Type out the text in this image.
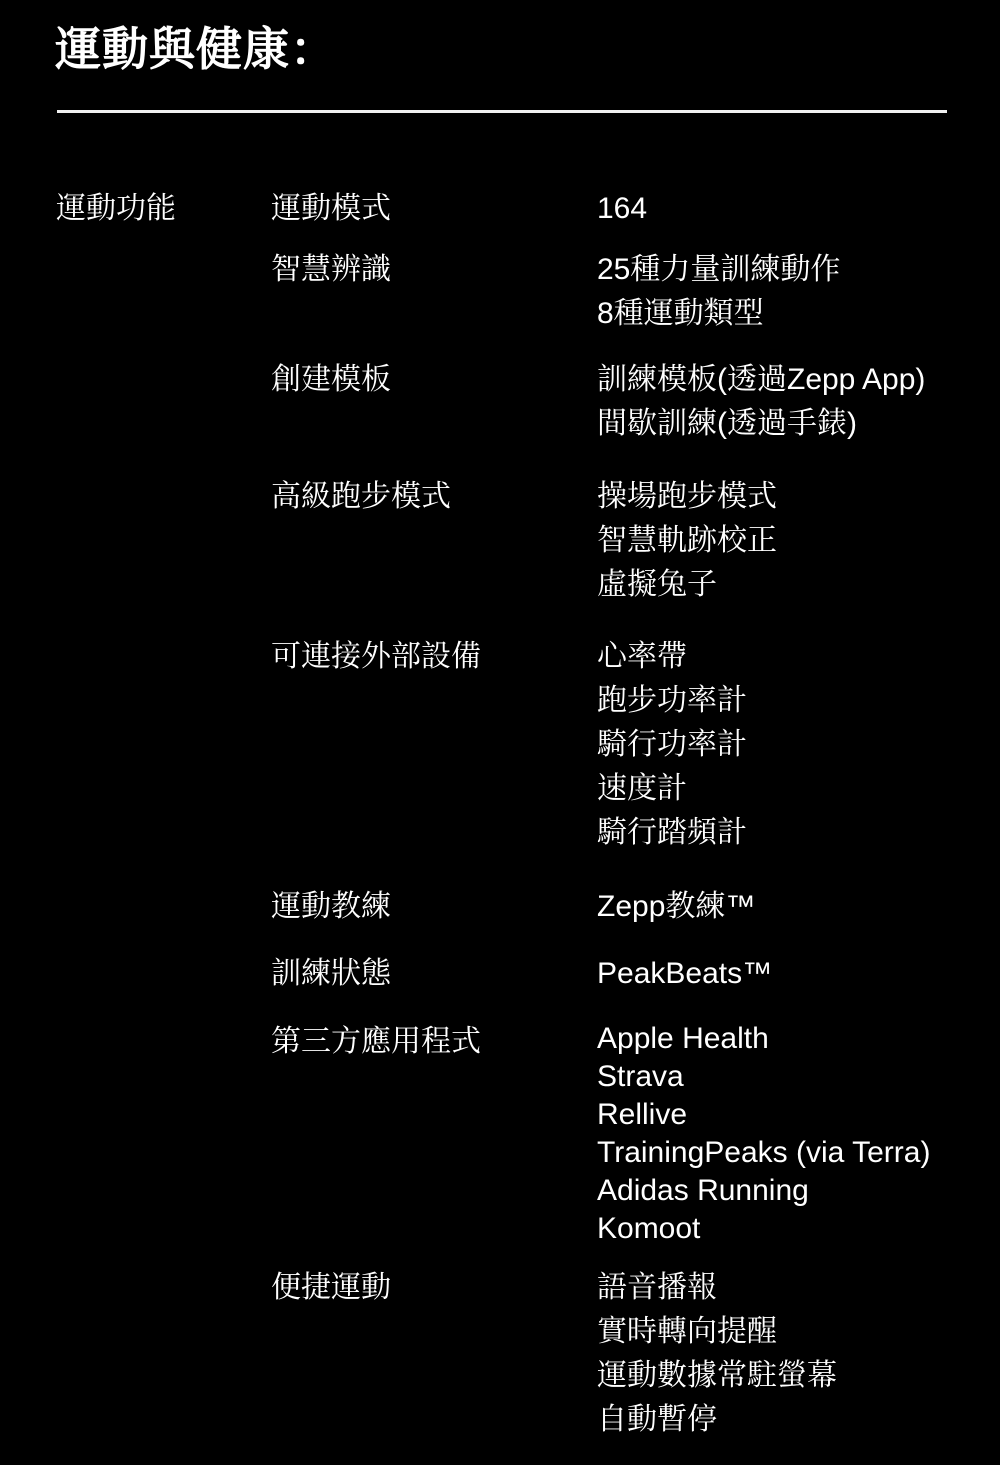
運動與健康：
運動功能	運動模式	164
智慧辨識	25種力量訓練動作
8種運動類型
創建模板	訓練模板(透過Zepp App)
間歇訓練(透過手錶)
高級跑步模式	操場跑步模式
智慧軌跡校正
虛擬兔子
可連接外部設備	心率帶
跑步功率計
騎行功率計
速度計
騎行踏頻計
運動教練	Zepp教練™
訓練狀態	PeakBeats™
第三方應用程式	Apple Health
Strava
Rellive
TrainingPeaks (via Terra)
Adidas Running
Komoot
便捷運動	語音播報
實時轉向提醒
運動數據常駐螢幕
自動暫停
